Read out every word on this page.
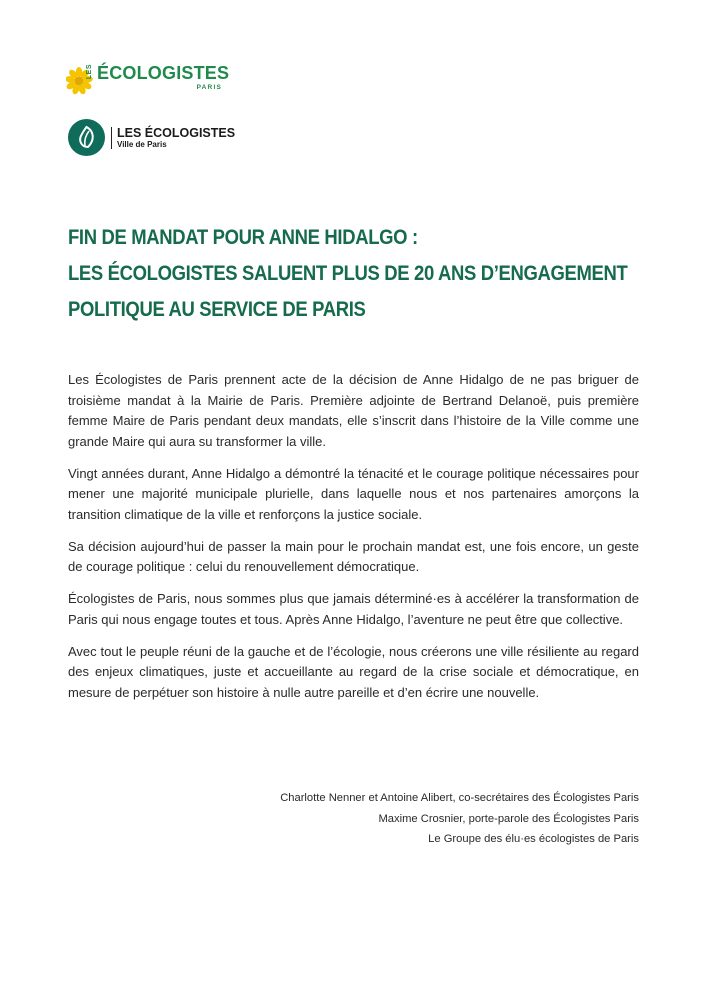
LES ÉCOLOGISTES
PARIS
LES ÉCOLOGISTES
Ville de Paris
FIN DE MANDAT POUR ANNE HIDALGO :
LES ÉCOLOGISTES SALUENT PLUS DE 20 ANS D’ENGAGEMENT
POLITIQUE AU SERVICE DE PARIS

Les Écologistes de Paris prennent acte de la décision de Anne Hidalgo de ne pas briguer de troisième mandat à la Mairie de Paris. Première adjointe de Bertrand Delanoë, puis première femme Maire de Paris pendant deux mandats, elle s’inscrit dans l’histoire de la Ville comme une grande Maire qui aura su transformer la ville.

Vingt années durant, Anne Hidalgo a démontré la ténacité et le courage politique nécessaires pour mener une majorité municipale plurielle, dans laquelle nous et nos partenaires amorçons la transition climatique de la ville et renforçons la justice sociale.

Sa décision aujourd’hui de passer la main pour le prochain mandat est, une fois encore, un geste de courage politique : celui du renouvellement démocratique.

Écologistes de Paris, nous sommes plus que jamais déterminé·es à accélérer la transformation de Paris qui nous engage toutes et tous. Après Anne Hidalgo, l’aventure ne peut être que collective.

Avec tout le peuple réuni de la gauche et de l’écologie, nous créerons une ville résiliente au regard des enjeux climatiques, juste et accueillante au regard de la crise sociale et démocratique, en mesure de perpétuer son histoire à nulle autre pareille et d’en écrire une nouvelle.

Charlotte Nenner et Antoine Alibert, co-secrétaires des Écologistes Paris
Maxime Crosnier, porte-parole des Écologistes Paris
Le Groupe des élu·es écologistes de Paris
